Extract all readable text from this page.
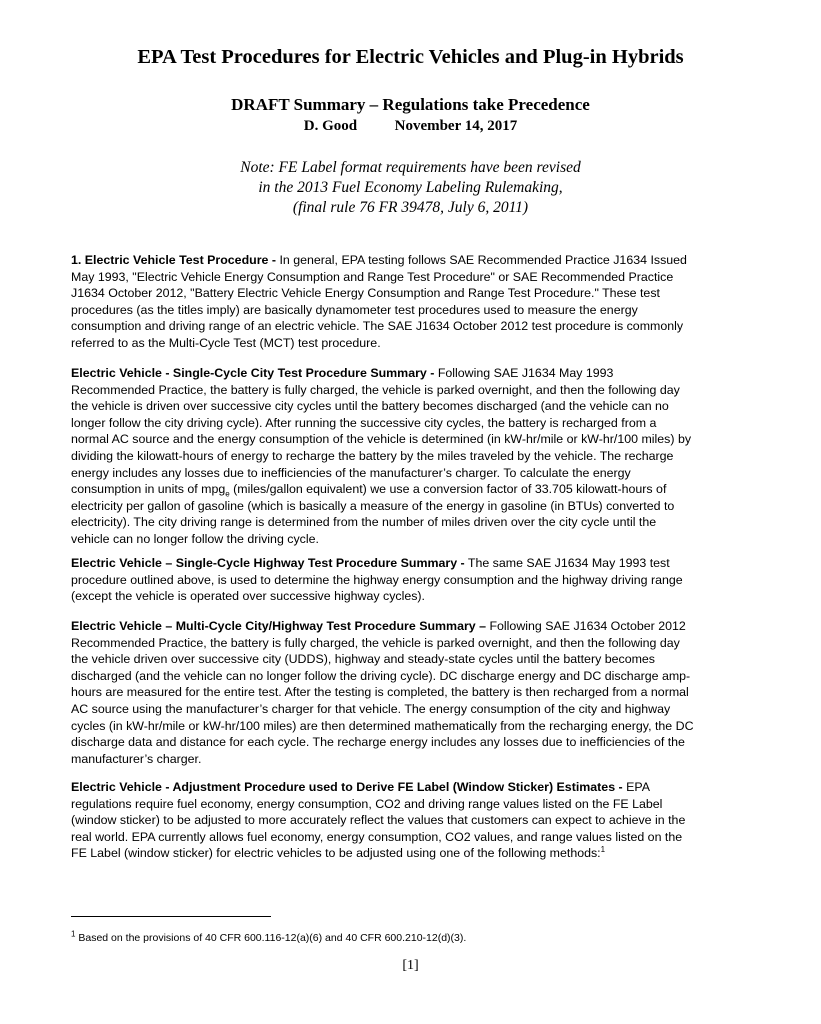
EPA Test Procedures for Electric Vehicles and Plug-in Hybrids
DRAFT Summary – Regulations take Precedence

D. Good	November 14, 2017

Note: FE Label format requirements have been revised
in the 2013 Fuel Economy Labeling Rulemaking,
(final rule 76 FR 39478, July 6, 2011)

1. Electric Vehicle Test Procedure - In general, EPA testing follows SAE Recommended Practice J1634 Issued
May 1993, "Electric Vehicle Energy Consumption and Range Test Procedure" or SAE Recommended Practice
J1634 October 2012, "Battery Electric Vehicle Energy Consumption and Range Test Procedure." These test
procedures (as the titles imply) are basically dynamometer test procedures used to measure the energy
consumption and driving range of an electric vehicle. The SAE J1634 October 2012 test procedure is commonly
referred to as the Multi-Cycle Test (MCT) test procedure.

Electric Vehicle - Single-Cycle City Test Procedure Summary - Following SAE J1634 May 1993
Recommended Practice, the battery is fully charged, the vehicle is parked overnight, and then the following day
the vehicle is driven over successive city cycles until the battery becomes discharged (and the vehicle can no
longer follow the city driving cycle). After running the successive city cycles, the battery is recharged from a
normal AC source and the energy consumption of the vehicle is determined (in kW-hr/mile or kW-hr/100 miles) by
dividing the kilowatt-hours of energy to recharge the battery by the miles traveled by the vehicle. The recharge
energy includes any losses due to inefficiencies of the manufacturer’s charger. To calculate the energy
consumption in units of mpg$_e$ (miles/gallon equivalent) we use a conversion factor of 33.705 kilowatt-hours of
electricity per gallon of gasoline (which is basically a measure of the energy in gasoline (in BTUs) converted to
electricity). The city driving range is determined from the number of miles driven over the city cycle until the
vehicle can no longer follow the driving cycle.

Electric Vehicle – Single-Cycle Highway Test Procedure Summary - The same SAE J1634 May 1993 test
procedure outlined above, is used to determine the highway energy consumption and the highway driving range
(except the vehicle is operated over successive highway cycles).

Electric Vehicle – Multi-Cycle City/Highway Test Procedure Summary – Following SAE J1634 October 2012
Recommended Practice, the battery is fully charged, the vehicle is parked overnight, and then the following day
the vehicle driven over successive city (UDDS), highway and steady-state cycles until the battery becomes
discharged (and the vehicle can no longer follow the driving cycle). DC discharge energy and DC discharge amp-
hours are measured for the entire test. After the testing is completed, the battery is then recharged from a normal
AC source using the manufacturer’s charger for that vehicle. The energy consumption of the city and highway
cycles (in kW-hr/mile or kW-hr/100 miles) are then determined mathematically from the recharging energy, the DC
discharge data and distance for each cycle. The recharge energy includes any losses due to inefficiencies of the
manufacturer’s charger.

Electric Vehicle - Adjustment Procedure used to Derive FE Label (Window Sticker) Estimates - EPA
regulations require fuel economy, energy consumption, CO2 and driving range values listed on the FE Label
(window sticker) to be adjusted to more accurately reflect the values that customers can expect to achieve in the
real world. EPA currently allows fuel economy, energy consumption, CO2 values, and range values listed on the
FE Label (window sticker) for electric vehicles to be adjusted using one of the following methods:$^1$

$^1$ Based on the provisions of 40 CFR 600.116-12(a)(6) and 40 CFR 600.210-12(d)(3).

[1]
